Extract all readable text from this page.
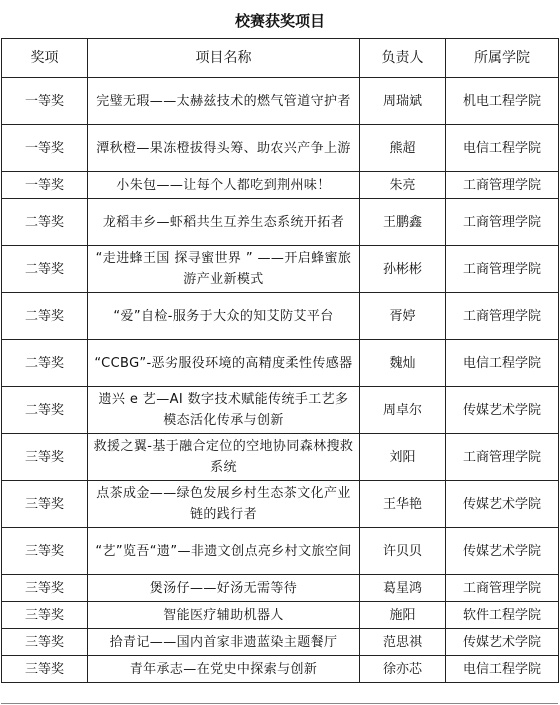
校赛获奖项目
奖项	项目名称	负责人	所属学院
一等奖	完璧无瑕——太赫兹技术的燃气管道守护者	周瑞斌	机电工程学院
一等奖	潭秋橙—果冻橙拔得头筹、助农兴产争上游	熊超	电信工程学院
一等奖	小朱包——让每个人都吃到荆州味！	朱亮	工商管理学院
二等奖	龙稻丰乡—虾稻共生互养生态系统开拓者	王鹏鑫	工商管理学院
二等奖	“走进蜂王国 探寻蜜世界 ” ——开启蜂蜜旅游产业新模式	孙彬彬	工商管理学院
二等奖	“爱”自检-服务于大众的知艾防艾平台	胥婷	工商管理学院
二等奖	“CCBG”-恶劣服役环境的高精度柔性传感器	魏灿	电信工程学院
二等奖	遗兴 e 艺—AI 数字技术赋能传统手工艺多模态活化传承与创新	周卓尔	传媒艺术学院
三等奖	救援之翼-基于融合定位的空地协同森林搜救系统	刘阳	工商管理学院
三等奖	点茶成金——绿色发展乡村生态茶文化产业链的践行者	王华艳	传媒艺术学院
三等奖	“艺”览吾“遗”—非遗文创点亮乡村文旅空间	许贝贝	传媒艺术学院
三等奖	煲汤仔——好汤无需等待	葛星鸿	工商管理学院
三等奖	智能医疗辅助机器人	施阳	软件工程学院
三等奖	拾青记——国内首家非遗蓝染主题餐厅	范思祺	传媒艺术学院
三等奖	青年承志—在党史中探索与创新	徐亦芯	电信工程学院
